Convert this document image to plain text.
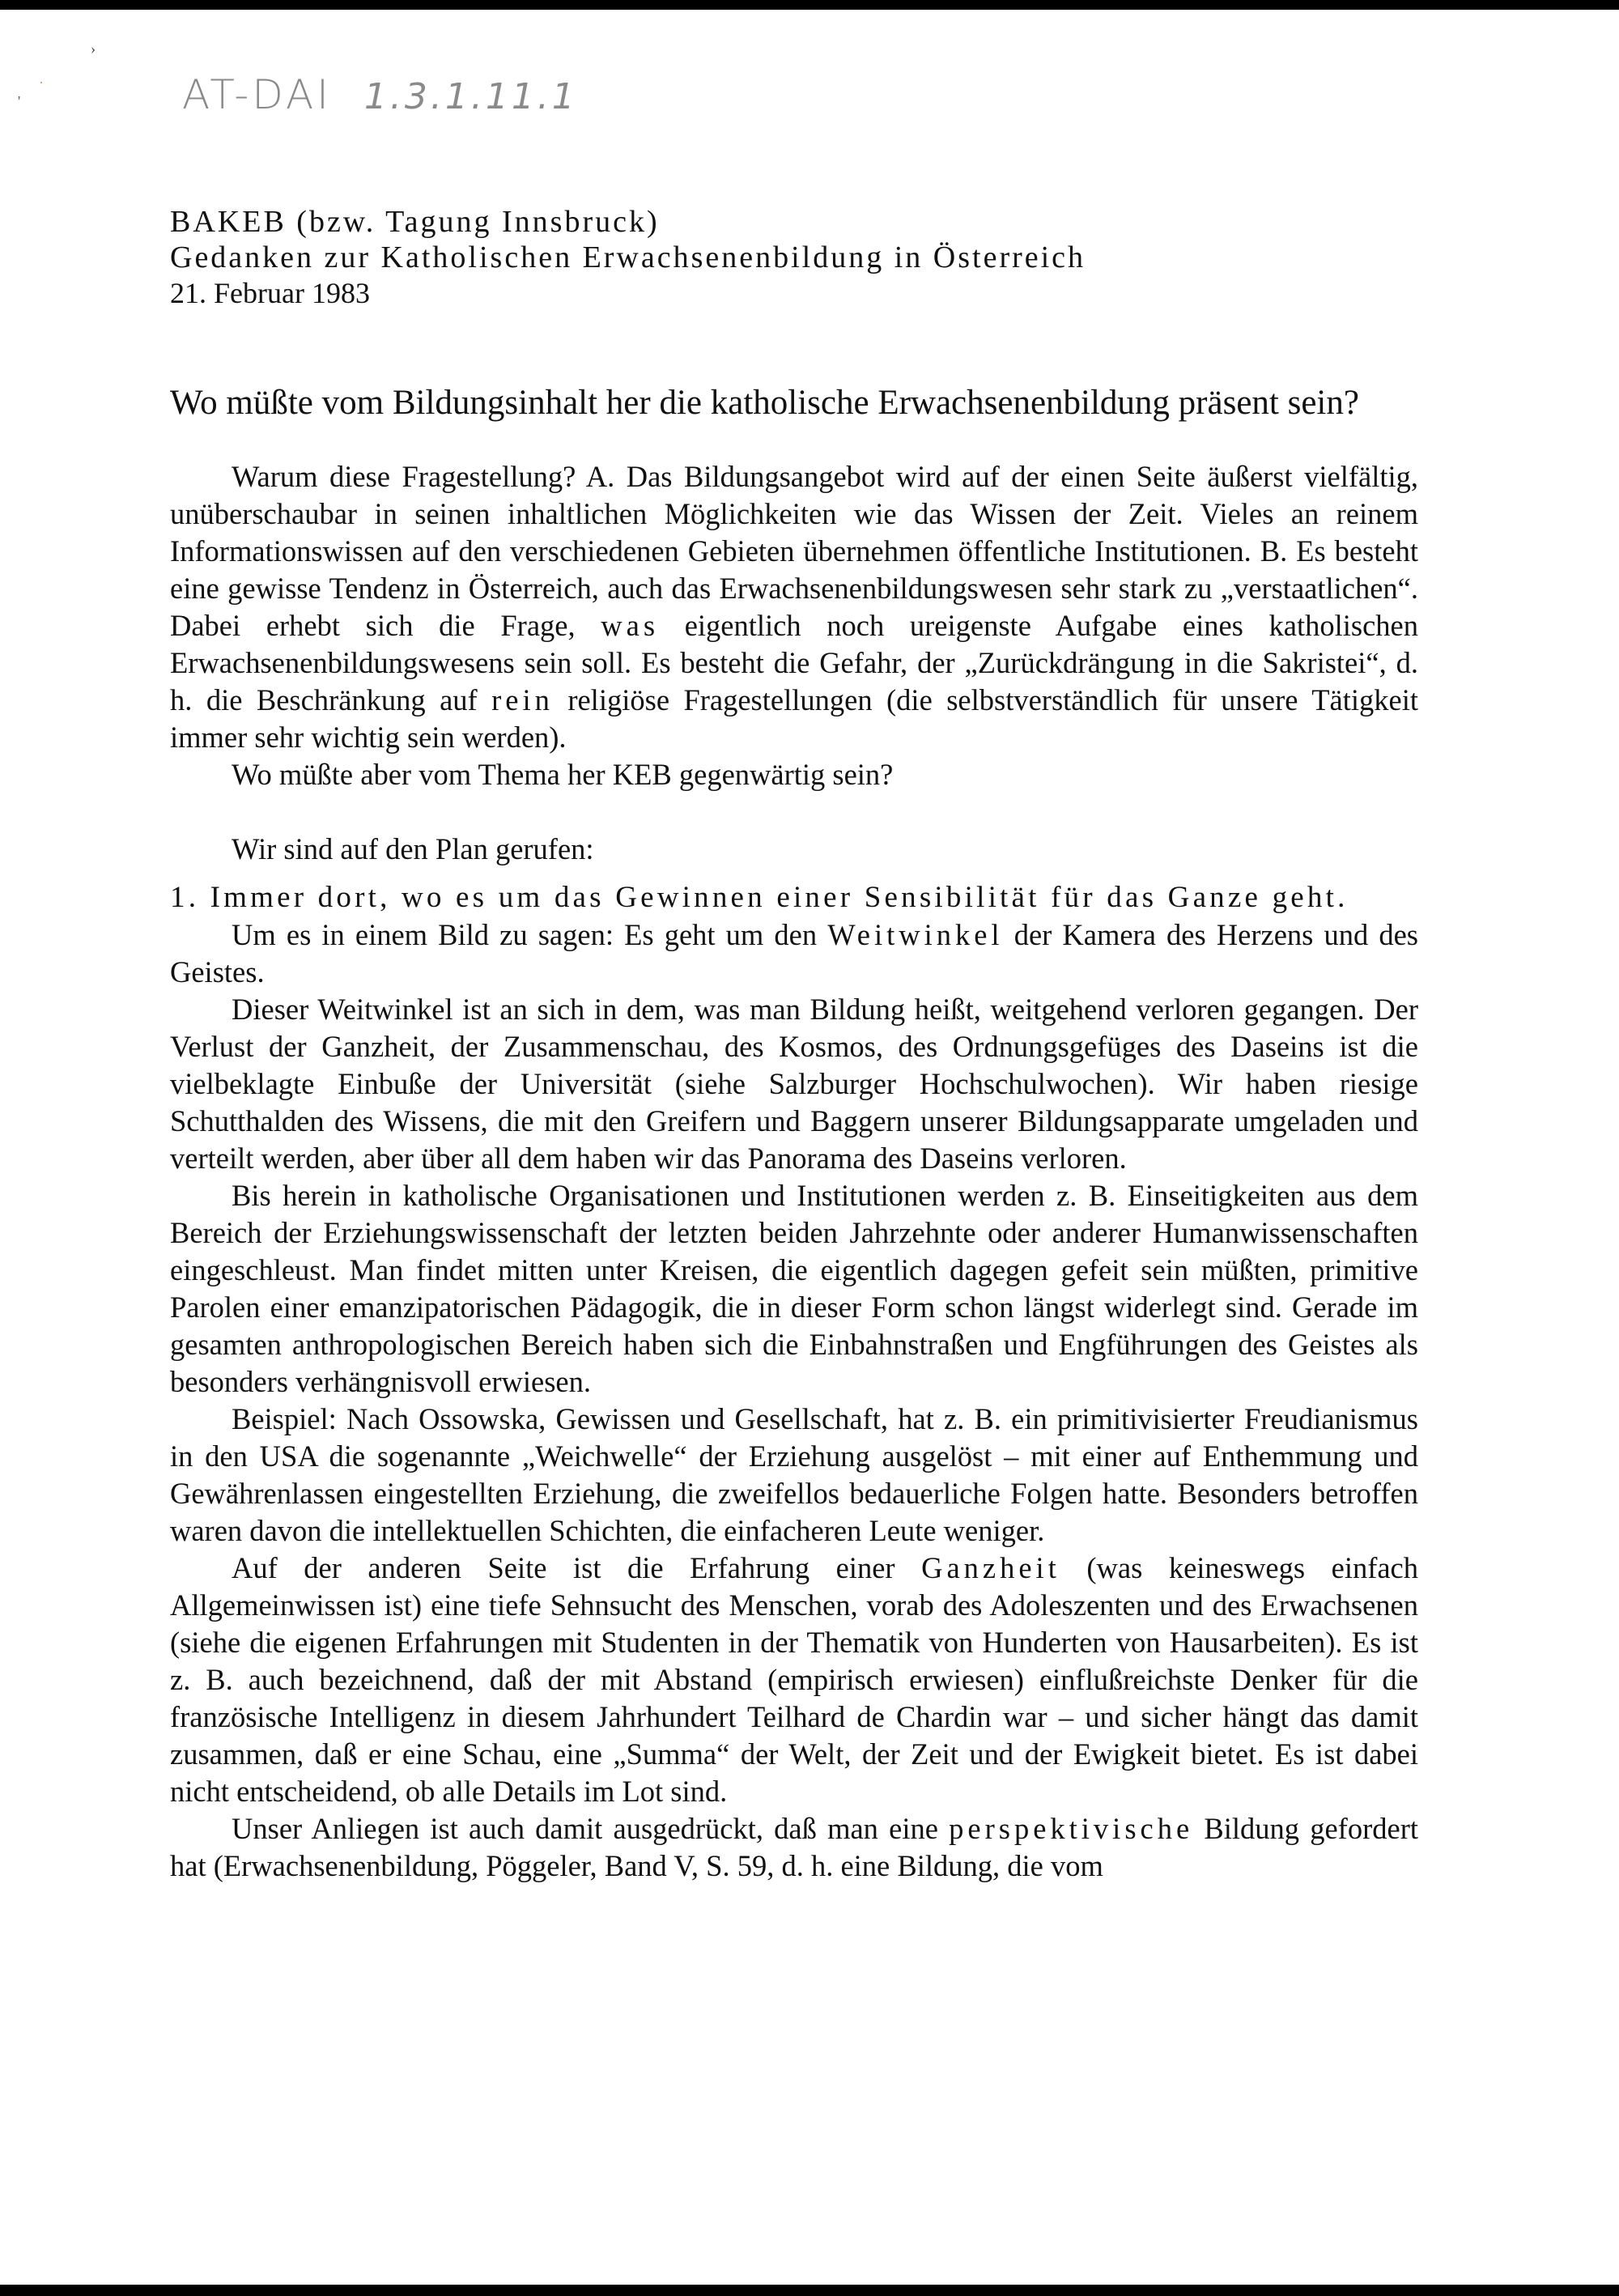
›
·
'	AT-DAI 1.3.1.11.1

BAKEB (bzw. Tagung Innsbruck)

Gedanken zur Katholischen Erwachsenenbildung in Österreich

21. Februar 1983

Wo müßte vom Bildungsinhalt her die katholische Erwachsenenbildung präsent sein?

Warum diese Fragestellung? A. Das Bildungsangebot wird auf der einen Seite äußerst vielfältig, unüberschaubar in seinen inhaltlichen Möglichkeiten wie das Wissen der Zeit. Vieles an reinem Informationswissen auf den verschiedenen Gebieten übernehmen öffentliche Institutionen. B. Es besteht eine gewisse Tendenz in Österreich, auch das Erwachsenenbildungswesen sehr stark zu „verstaatlichen“. Dabei erhebt sich die Frage, was eigentlich noch ureigenste Aufgabe eines katholischen Erwachsenenbildungswesens sein soll. Es besteht die Gefahr, der „Zurückdrängung in die Sakristei“, d. h. die Beschränkung auf rein religiöse Fragestellungen (die selbstverständlich für unsere Tätigkeit immer sehr wichtig sein werden).

Wo müßte aber vom Thema her KEB gegenwärtig sein?

Wir sind auf den Plan gerufen:

1. Immer dort, wo es um das Gewinnen einer Sensibilität für das Ganze geht.

Um es in einem Bild zu sagen: Es geht um den Weitwinkel der Kamera des Herzens und des Geistes.

Dieser Weitwinkel ist an sich in dem, was man Bildung heißt, weitgehend verloren gegangen. Der Verlust der Ganzheit, der Zusammenschau, des Kosmos, des Ordnungsgefüges des Daseins ist die vielbeklagte Einbuße der Universität (siehe Salzburger Hochschulwochen). Wir haben riesige Schutthalden des Wissens, die mit den Greifern und Baggern unserer Bildungsapparate umgeladen und verteilt werden, aber über all dem haben wir das Panorama des Daseins verloren.

Bis herein in katholische Organisationen und Institutionen werden z. B. Einseitigkeiten aus dem Bereich der Erziehungswissenschaft der letzten beiden Jahrzehnte oder anderer Humanwissenschaften eingeschleust. Man findet mitten unter Kreisen, die eigentlich dagegen gefeit sein müßten, primitive Parolen einer emanzipatorischen Pädagogik, die in dieser Form schon längst widerlegt sind. Gerade im gesamten anthropologischen Bereich haben sich die Einbahnstraßen und Engführungen des Geistes als besonders verhängnisvoll erwiesen.

Beispiel: Nach Ossowska, Gewissen und Gesellschaft, hat z. B. ein primitivisierter Freudianismus in den USA die sogenannte „Weichwelle“ der Erziehung ausgelöst – mit einer auf Enthemmung und Gewährenlassen eingestellten Erziehung, die zweifellos bedauerliche Folgen hatte. Besonders betroffen waren davon die intellektuellen Schichten, die einfacheren Leute weniger.

Auf der anderen Seite ist die Erfahrung einer Ganzheit (was keineswegs einfach Allgemeinwissen ist) eine tiefe Sehnsucht des Menschen, vorab des Adoleszenten und des Erwachsenen (siehe die eigenen Erfahrungen mit Studenten in der Thematik von Hunderten von Hausarbeiten). Es ist z. B. auch bezeichnend, daß der mit Abstand (empirisch erwiesen) einflußreichste Denker für die französische Intelligenz in diesem Jahrhundert Teilhard de Chardin war – und sicher hängt das damit zusammen, daß er eine Schau, eine „Summa“ der Welt, der Zeit und der Ewigkeit bietet. Es ist dabei nicht entscheidend, ob alle Details im Lot sind.

Unser Anliegen ist auch damit ausgedrückt, daß man eine perspektivische Bildung gefordert hat (Erwachsenenbildung, Pöggeler, Band V, S. 59, d. h. eine Bildung, die vom
